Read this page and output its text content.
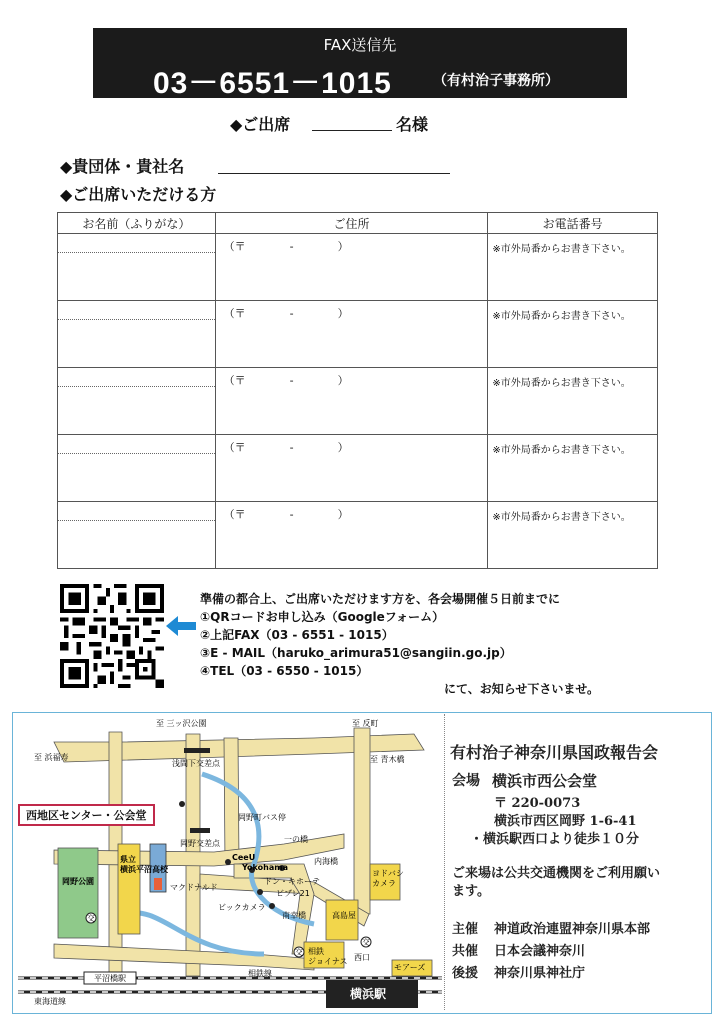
FAX送信先
03－6551－1015	（有村治子事務所）
◆ご出席	名様
◆貴団体・貴社名
◆ご出席いただける方
お名前（ふりがな）	ご住所	お電話番号

	（〒　　　　-　　　　）	※市外局番からお書き下さい。

	（〒　　　　-　　　　）	※市外局番からお書き下さい。

	（〒　　　　-　　　　）	※市外局番からお書き下さい。

	（〒　　　　-　　　　）	※市外局番からお書き下さい。

	（〒　　　　-　　　　）	※市外局番からお書き下さい。
準備の都合上、ご出席いただけます方を、各会場開催５日前までに
①QRコードお申し込み（Googleフォーム）
②上記FAX（03 - 6551 - 1015）
③E - MAIL（haruko_arimura51@sangiin.go.jp）
④TEL（03 - 6550 - 1015）
にて、お知らせ下さいませ。
至 三ッ沢公園	至 反町
至 浜福寿	至 青木橋
浅間下交差点
岡野町バス停
岡野交差点	一の橋
内海橋
CeeU
Yokohama
ドン・キホーテ
マクドナルド
ビブレ21
ビックカメラ
南幸橋
ヨドバシカメラ
高島屋
相鉄ジョイナス 西口
モアーズ
県立横浜平沼高校
岡野公園
平沼橋駅
相鉄線
東海道線
横浜駅
交
交
交
西地区センター・公会堂
有村治子神奈川県国政報告会
会場 横浜市西公会堂
〒 220-0073
横浜市西区岡野 1-6-41
・横浜駅西口より徒歩１０分
ご来場は公共交通機関をご利用願い
ます。
主催 神道政治連盟神奈川県本部
共催 日本会議神奈川
後援 神奈川県神社庁
